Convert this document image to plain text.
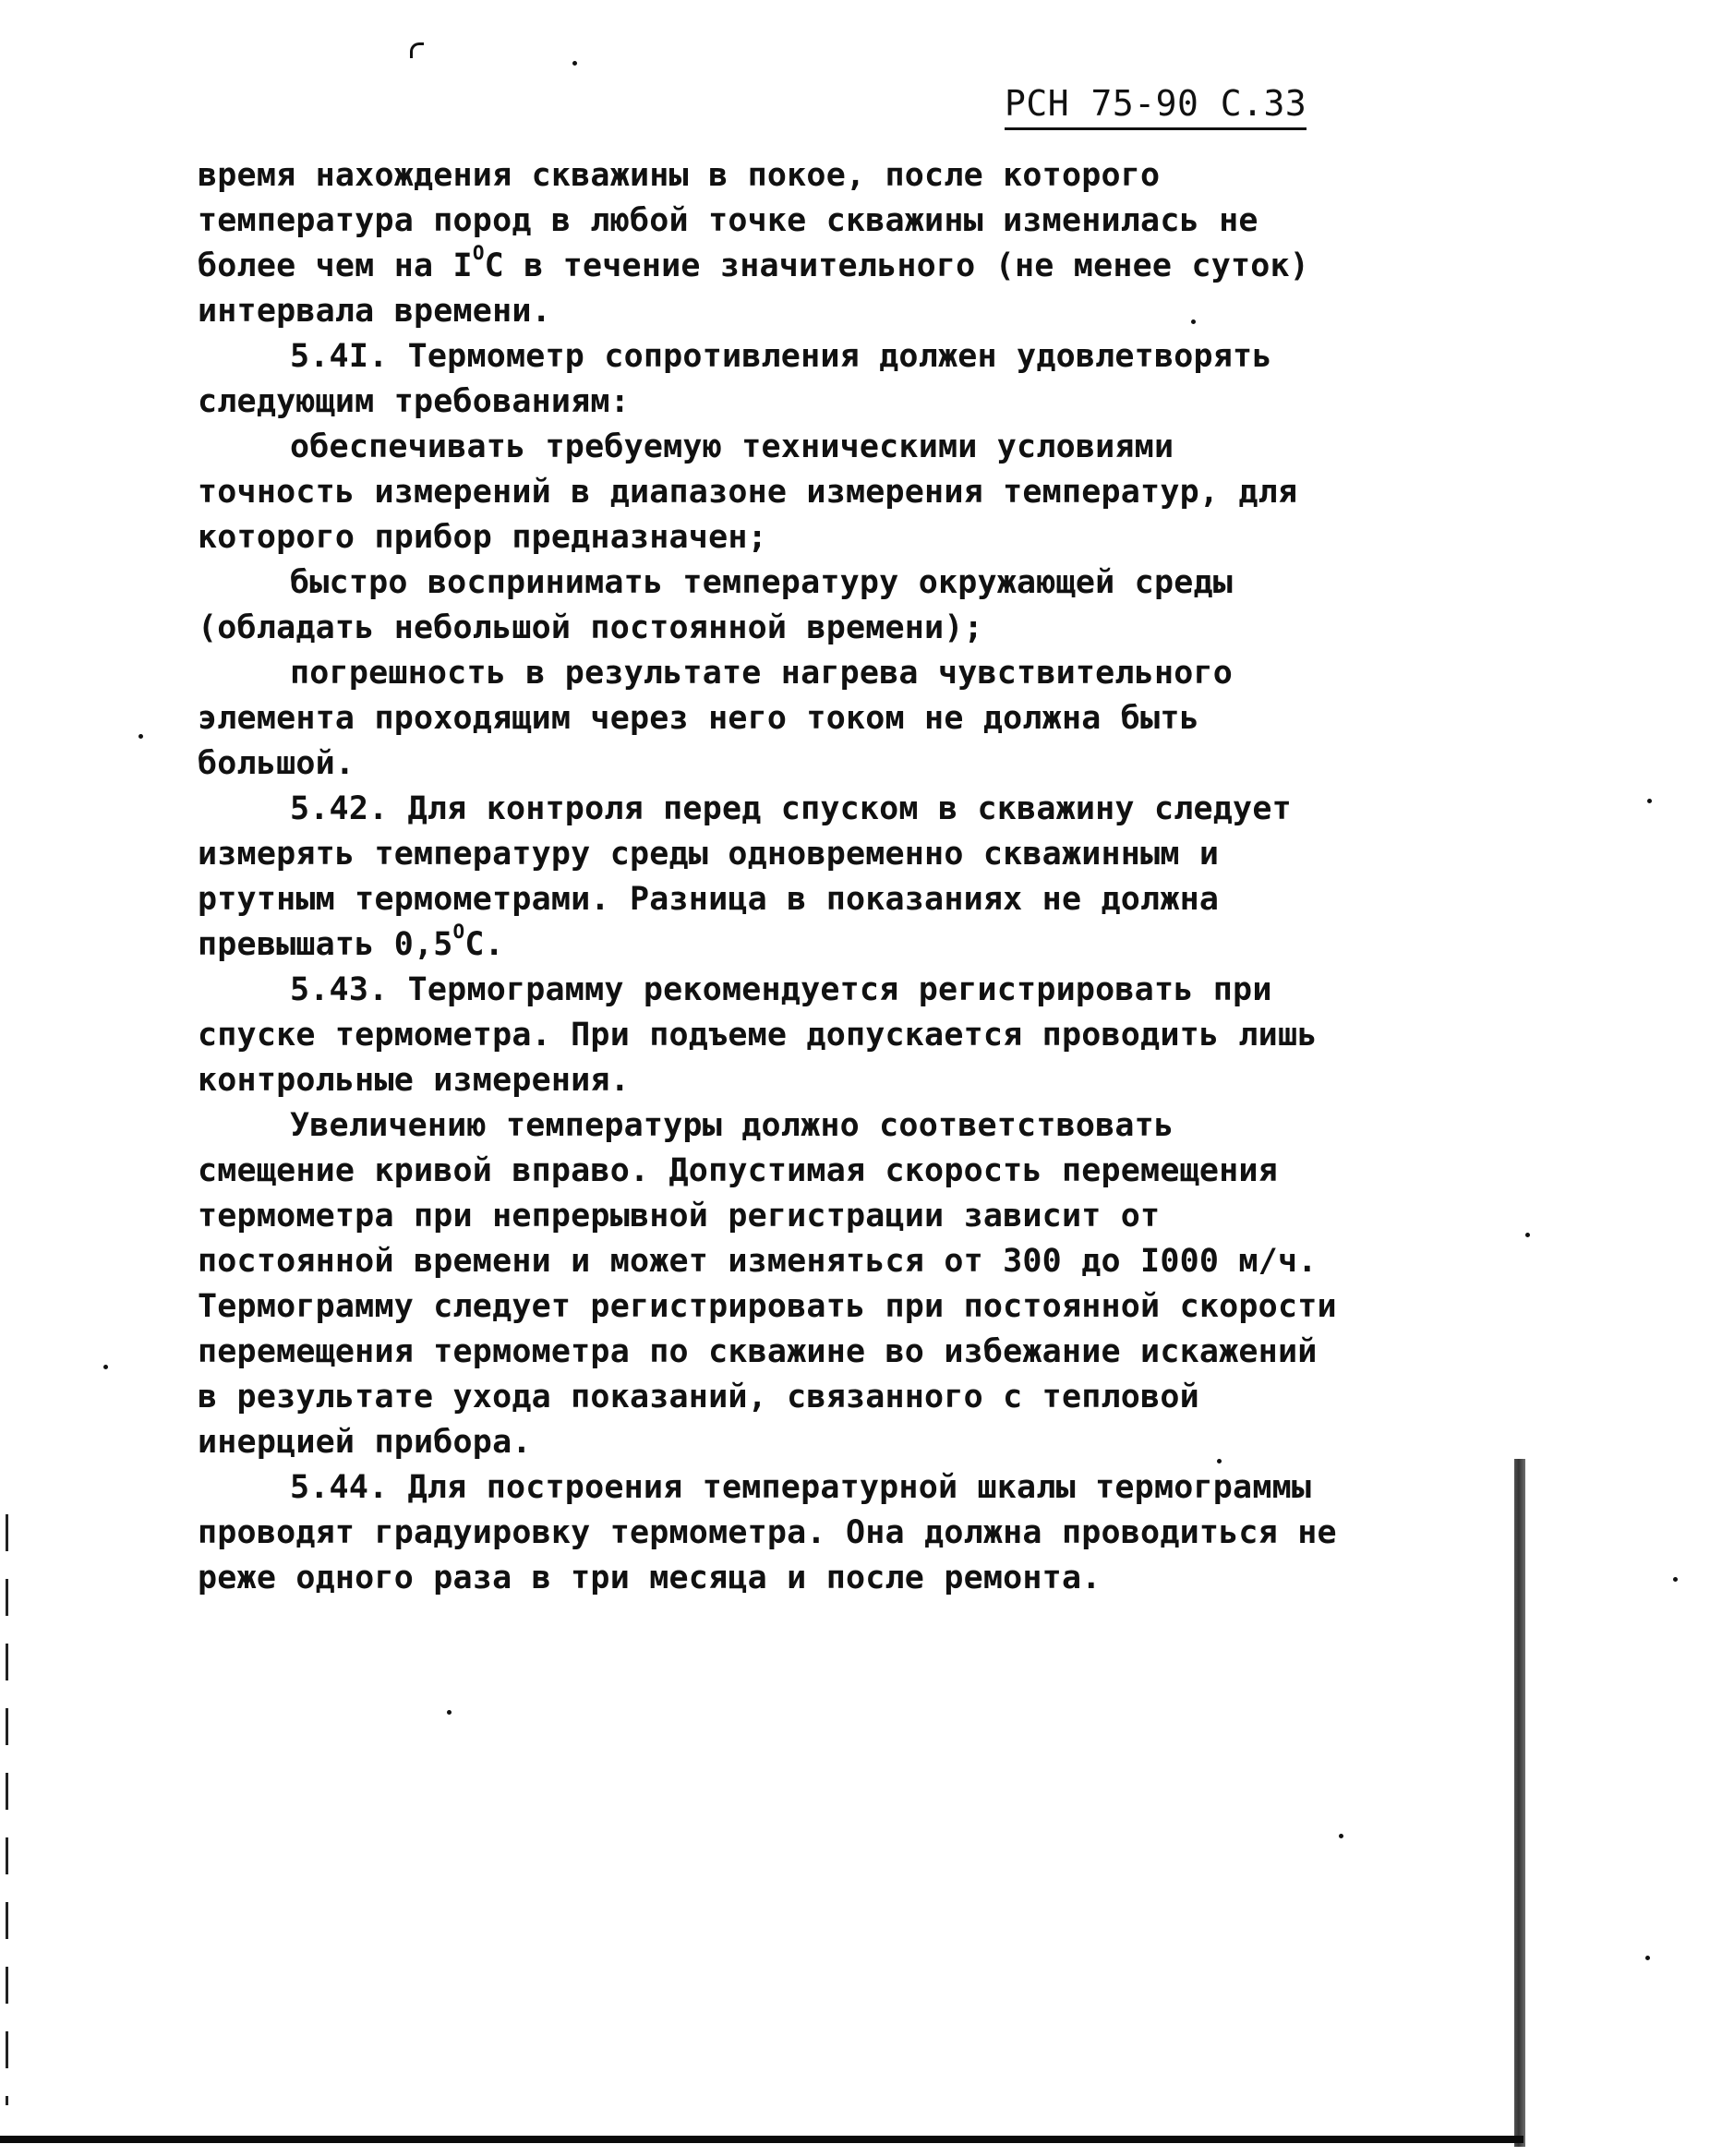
РСН 75-90 С.33

время нахождения скважины в покое, после которого температура пород в любой точке скважины изменилась не более чем на $I^OС$ в течение значительного (не менее суток) интервала времени.

5.4I. Термометр сопротивления должен удовлетворять следующим требованиям:

обеспечивать требуемую техническими условиями точность измерений в диапазоне измерения температур, для которого прибор предназначен;

быстро воспринимать температуру окружающей среды (обладать небольшой постоянной времени);

погрешность в результате нагрева чувствительного элемента проходящим через него током не должна быть большой.

5.42. Для контроля перед спуском в скважину следует измерять температуру среды одновременно скважинным и ртутным термометрами. Разница в показаниях не должна превышать $0,5^OС$.

5.43. Термограмму рекомендуется регистрировать при спуске термометра. При подъеме допускается проводить лишь контрольные измерения.

Увеличению температуры должно соответствовать смещение кривой вправо. Допустимая скорость перемещения термометра при непрерывной регистрации зависит от постоянной времени и может изменяться от 300 до I000 м/ч. Термограмму следует регистрировать при постоянной скорости перемещения термометра по скважине во избежание искажений в результате ухода показаний, связанного с тепловой инерцией прибора.

5.44. Для построения температурной шкалы термограммы проводят градуировку термометра. Она должна проводиться не реже одного раза в три месяца и после ремонта.
